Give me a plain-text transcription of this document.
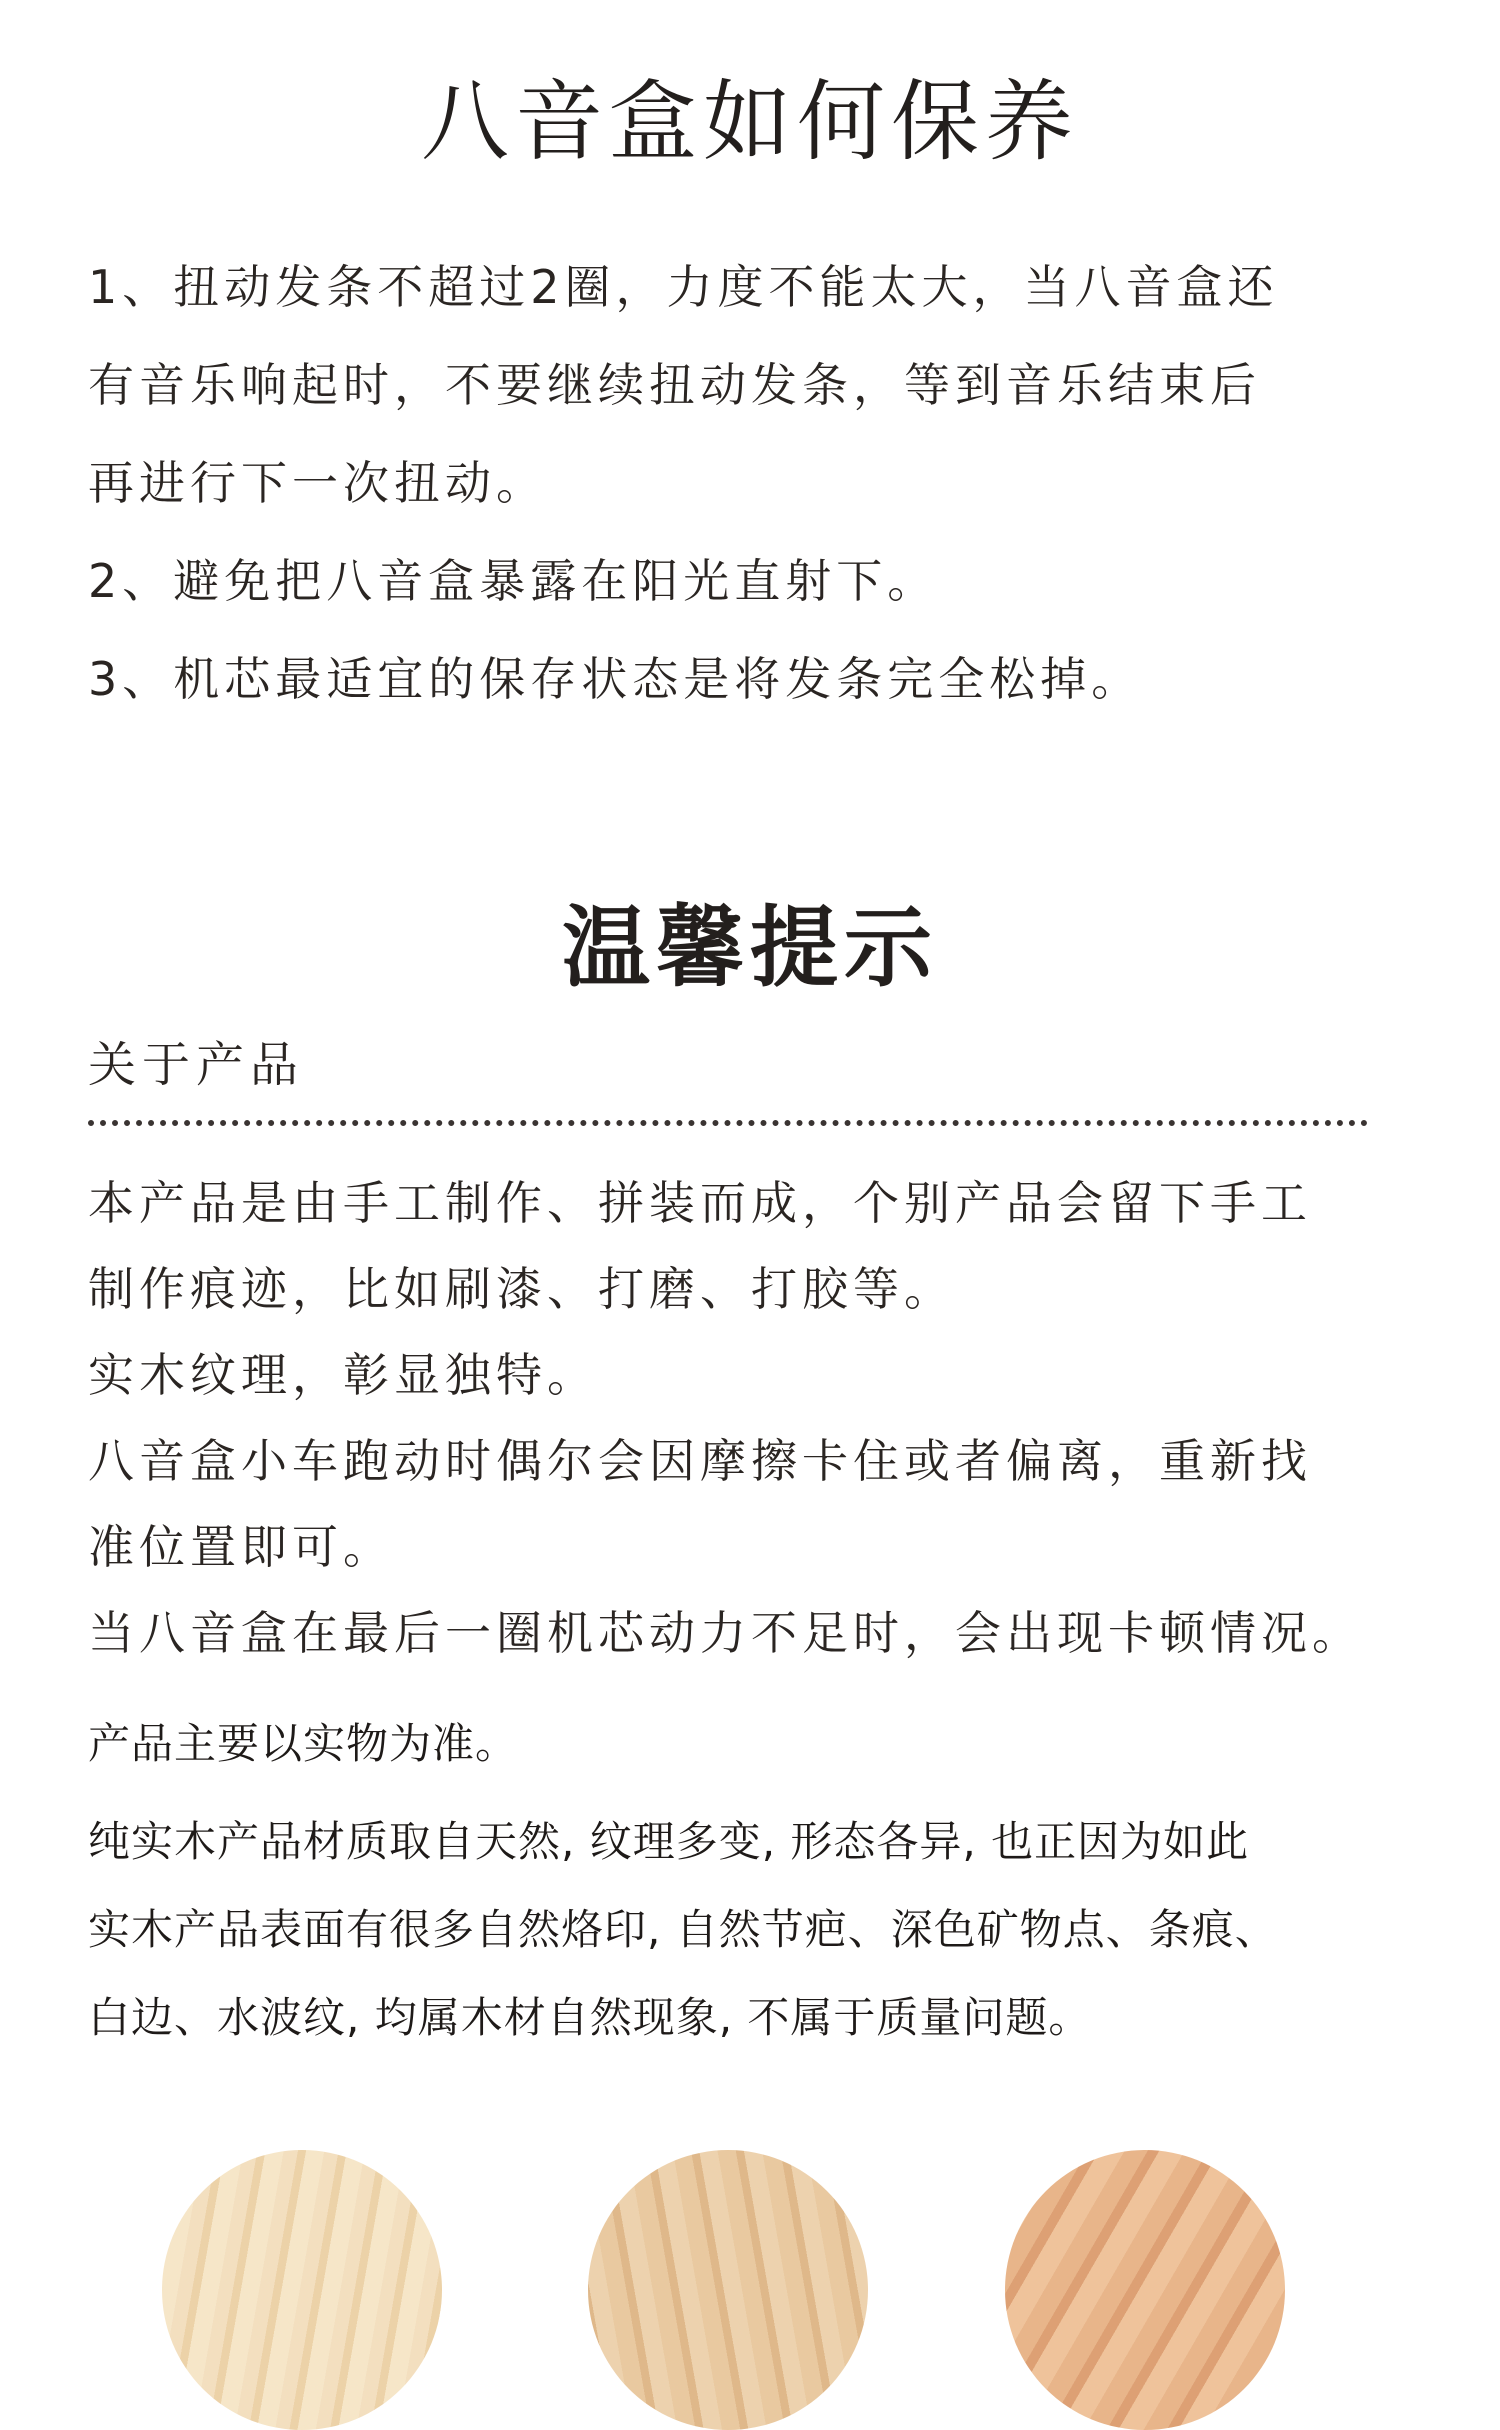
八音盒如何保养
1、扭动发条不超过2圈，力度不能太大，当八音盒还
有音乐响起时，不要继续扭动发条，等到音乐结束后
再进行下一次扭动。
2、避免把八音盒暴露在阳光直射下。
3、机芯最适宜的保存状态是将发条完全松掉。
温馨提示
关于产品
本产品是由手工制作、拼装而成，个别产品会留下手工
制作痕迹，比如刷漆、打磨、打胶等。
实木纹理，彰显独特。
八音盒小车跑动时偶尔会因摩擦卡住或者偏离，重新找
准位置即可。
当八音盒在最后一圈机芯动力不足时，会出现卡顿情况。
产品主要以实物为准。
纯实木产品材质取自天然, 纹理多变, 形态各异, 也正因为如此
实木产品表面有很多自然烙印, 自然节疤、深色矿物点、条痕、
白边、水波纹, 均属木材自然现象, 不属于质量问题。
